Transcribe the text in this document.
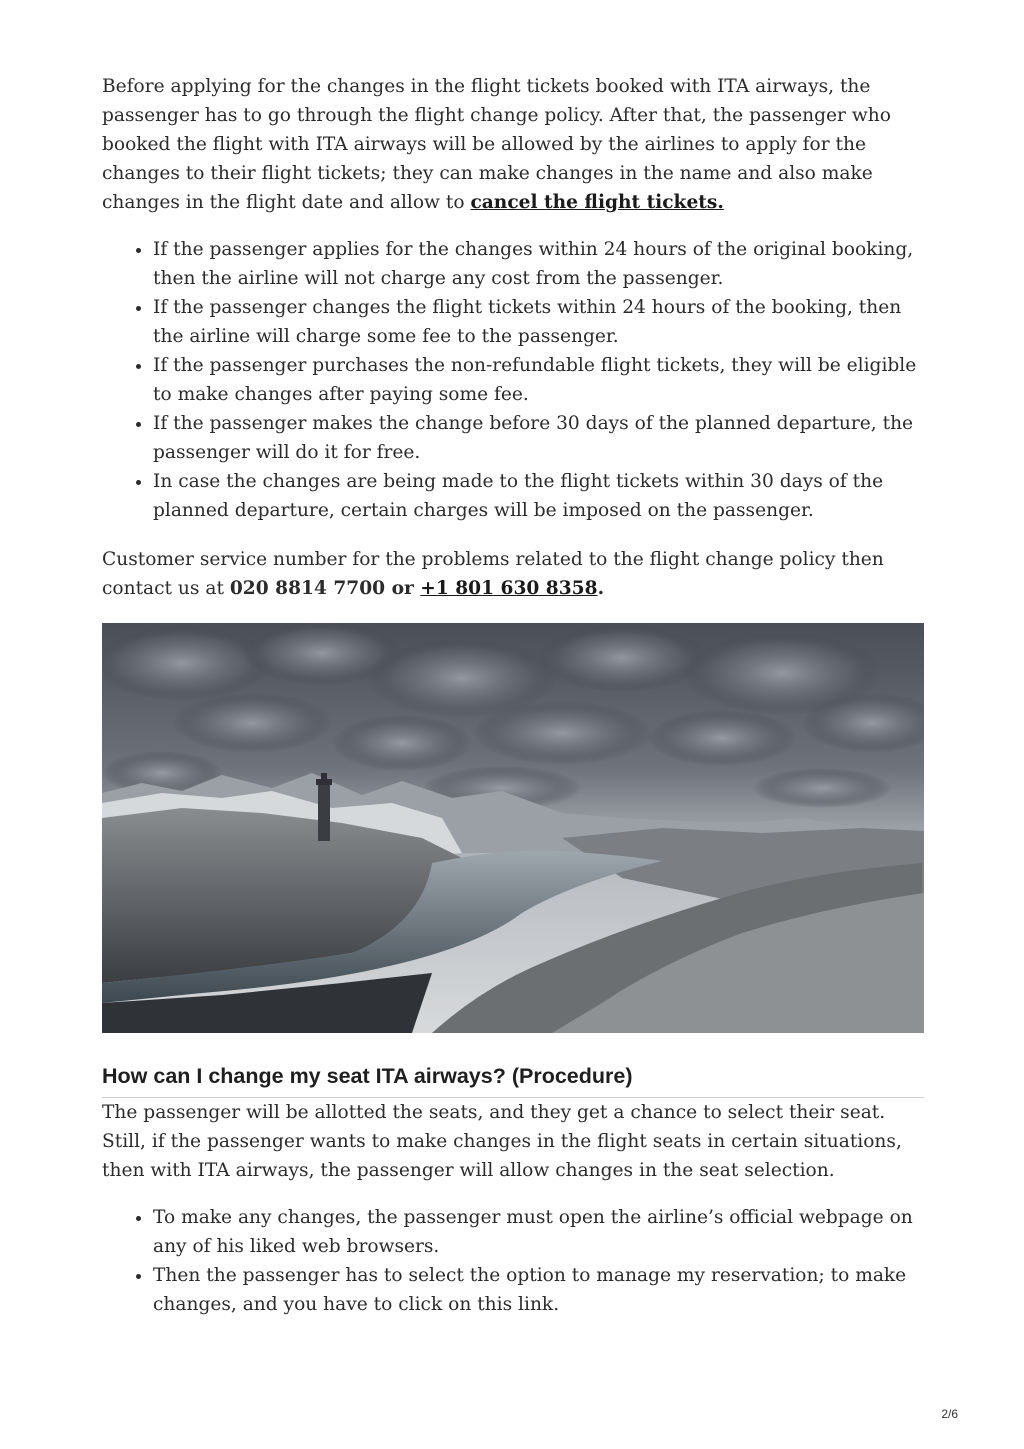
Before applying for the changes in the flight tickets booked with ITA airways, the passenger has to go through the flight change policy. After that, the passenger who booked the flight with ITA airways will be allowed by the airlines to apply for the changes to their flight tickets; they can make changes in the name and also make changes in the flight date and allow to cancel the flight tickets.

• If the passenger applies for the changes within 24 hours of the original booking, then the airline will not charge any cost from the passenger.
• If the passenger changes the flight tickets within 24 hours of the booking, then the airline will charge some fee to the passenger.
• If the passenger purchases the non-refundable flight tickets, they will be eligible to make changes after paying some fee.
• If the passenger makes the change before 30 days of the planned departure, the passenger will do it for free.
• In case the changes are being made to the flight tickets within 30 days of the planned departure, certain charges will be imposed on the passenger.

Customer service number for the problems related to the flight change policy then contact us at 020 8814 7700 or +1 801 630 8358.

How can I change my seat ITA airways? (Procedure)

The passenger will be allotted the seats, and they get a chance to select their seat. Still, if the passenger wants to make changes in the flight seats in certain situations, then with ITA airways, the passenger will allow changes in the seat selection.

• To make any changes, the passenger must open the airline’s official webpage on any of his liked web browsers.
• Then the passenger has to select the option to manage my reservation; to make changes, and you have to click on this link.
2/6
